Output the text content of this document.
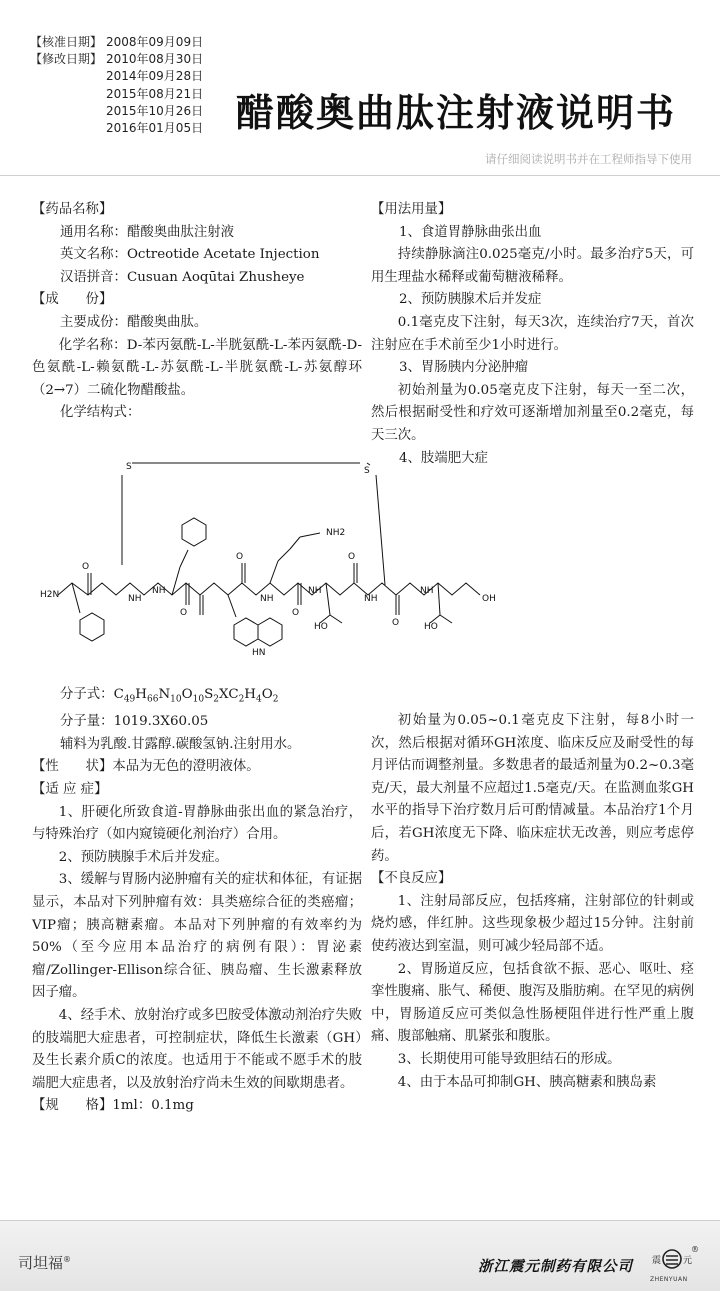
【核准日期】 2008年09月09日
【修改日期】 2010年08月30日
2014年09月28日
2015年08月21日
2015年10月26日
2016年01月05日 醋酸奥曲肽注射液说明书
请仔细阅读说明书并在工程师指导下使用
【药品名称】
通用名称：醋酸奥曲肽注射液
英文名称：Octreotide Acetate Injection
汉语拼音：Cusuan Aoqūtai Zhusheye
【成　　份】
主要成份：醋酸奥曲肽。
化学名称：D-苯丙氨酰-L-半胱氨酰-L-苯丙氨酰-D-色氨酰-L-赖氨酰-L-苏氨酰-L-半胱氨酰-L-苏氨醇环（2→7）二硫化物醋酸盐。
化学结构式：
S	S
H2N
O
O
O
O
O
O
NH
NH
NH
NH
NH
NH
OH
HO	HO
NH2
HN
【用法用量】
1、食道胃静脉曲张出血
持续静脉滴注0.025毫克/小时。最多治疗5天，可用生理盐水稀释或葡萄糖液稀释。
2、预防胰腺术后并发症
0.1毫克皮下注射，每天3次，连续治疗7天，首次注射应在手术前至少1小时进行。
3、胃肠胰内分泌肿瘤
初始剂量为0.05毫克皮下注射，每天一至二次，然后根据耐受性和疗效可逐渐增加剂量至0.2毫克，每天三次。
4、肢端肥大症
分子式：$C_{49}H_{66}N_{10}O_{10}S_2XC_2H_4O_2$
分子量：1019.3X60.05
辅料为乳酸.甘露醇.碳酸氢钠.注射用水。
【性　　状】本品为无色的澄明液体。
【适 应 症】
1、肝硬化所致食道-胃静脉曲张出血的紧急治疗，与特殊治疗（如内窥镜硬化剂治疗）合用。
2、预防胰腺手术后并发症。
3、缓解与胃肠内泌肿瘤有关的症状和体征，有证据显示，本品对下列肿瘤有效：具类癌综合征的类癌瘤；VIP瘤；胰高糖素瘤。本品对下列肿瘤的有效率约为50%（至今应用本品治疗的病例有限）：胃泌素瘤/Zollinger-Ellison综合征、胰岛瘤、生长激素释放因子瘤。
4、经手术、放射治疗或多巴胺受体激动剂治疗失败的肢端肥大症患者，可控制症状，降低生长激素（GH）及生长素介质C的浓度。也适用于不能或不愿手术的肢端肥大症患者，以及放射治疗尚未生效的间歇期患者。
【规　　格】1ml：0.1mg
初始量为0.05~0.1毫克皮下注射，每8小时一次，然后根据对循环GH浓度、临床反应及耐受性的每月评估而调整剂量。多数患者的最适剂量为0.2~0.3毫克/天，最大剂量不应超过1.5毫克/天。在监测血浆GH水平的指导下治疗数月后可酌情减量。本品治疗1个月后，若GH浓度无下降、临床症状无改善，则应考虑停药。
【不良反应】
1、注射局部反应，包括疼痛，注射部位的针刺或烧灼感，伴红肿。这些现象极少超过15分钟。注射前使药液达到室温，则可减少轻局部不适。
2、胃肠道反应，包括食欲不振、恶心、呕吐、痉挛性腹痛、胀气、稀便、腹泻及脂肪痢。在罕见的病例中，胃肠道反应可类似急性肠梗阻伴进行性严重上腹痛、腹部触痛、肌紧张和腹胀。
3、长期使用可能导致胆结石的形成。
4、由于本品可抑制GH、胰高糖素和胰岛素
司坦福®	浙江震元制药有限公司	元
震
®
ZHENYUAN
